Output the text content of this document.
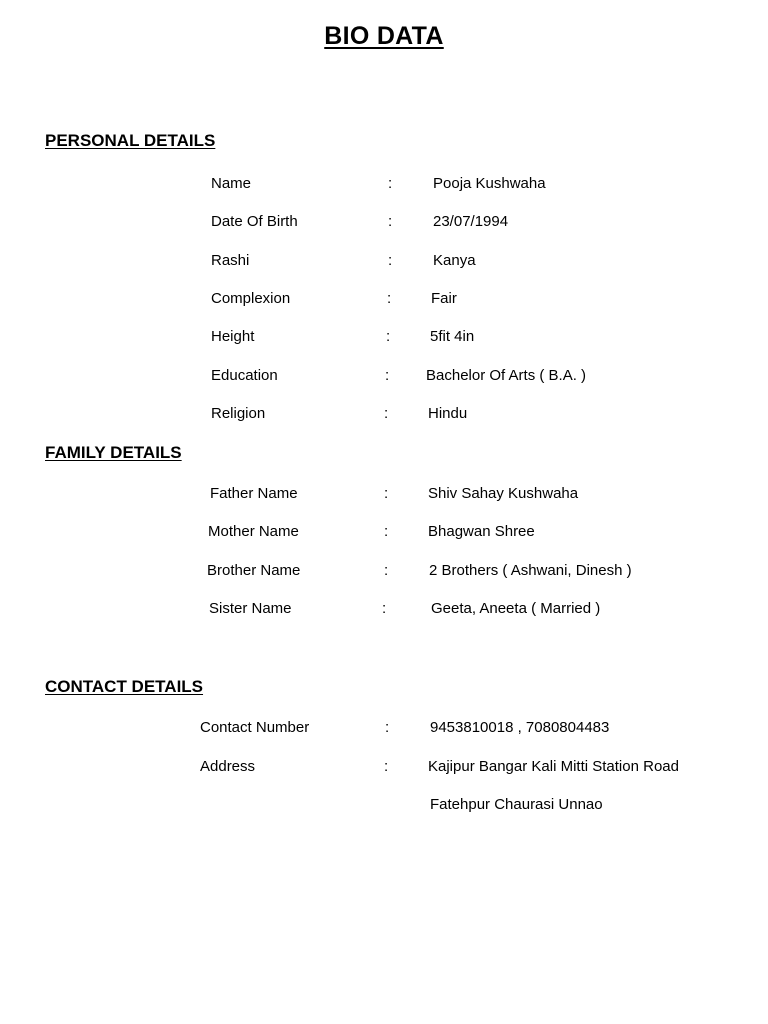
BIO DATA
PERSONAL DETAILS
Name	:	Pooja Kushwaha
Date Of Birth	:	23/07/1994
Rashi	:	Kanya
Complexion	:	Fair
Height	:	5fit 4in
Education	: Bachelor Of Arts ( B.A. )
Religion	:	Hindu
FAMILY DETAILS
Father Name	:	Shiv Sahay Kushwaha
Mother Name	:	Bhagwan Shree
Brother Name	:	2 Brothers ( Ashwani, Dinesh )
Sister Name	:	Geeta, Aneeta ( Married )
CONTACT DETAILS
Contact Number	:	9453810018 , 7080804483
Address	:	Kajipur Bangar Kali Mitti Station Road
Fatehpur Chaurasi Unnao
